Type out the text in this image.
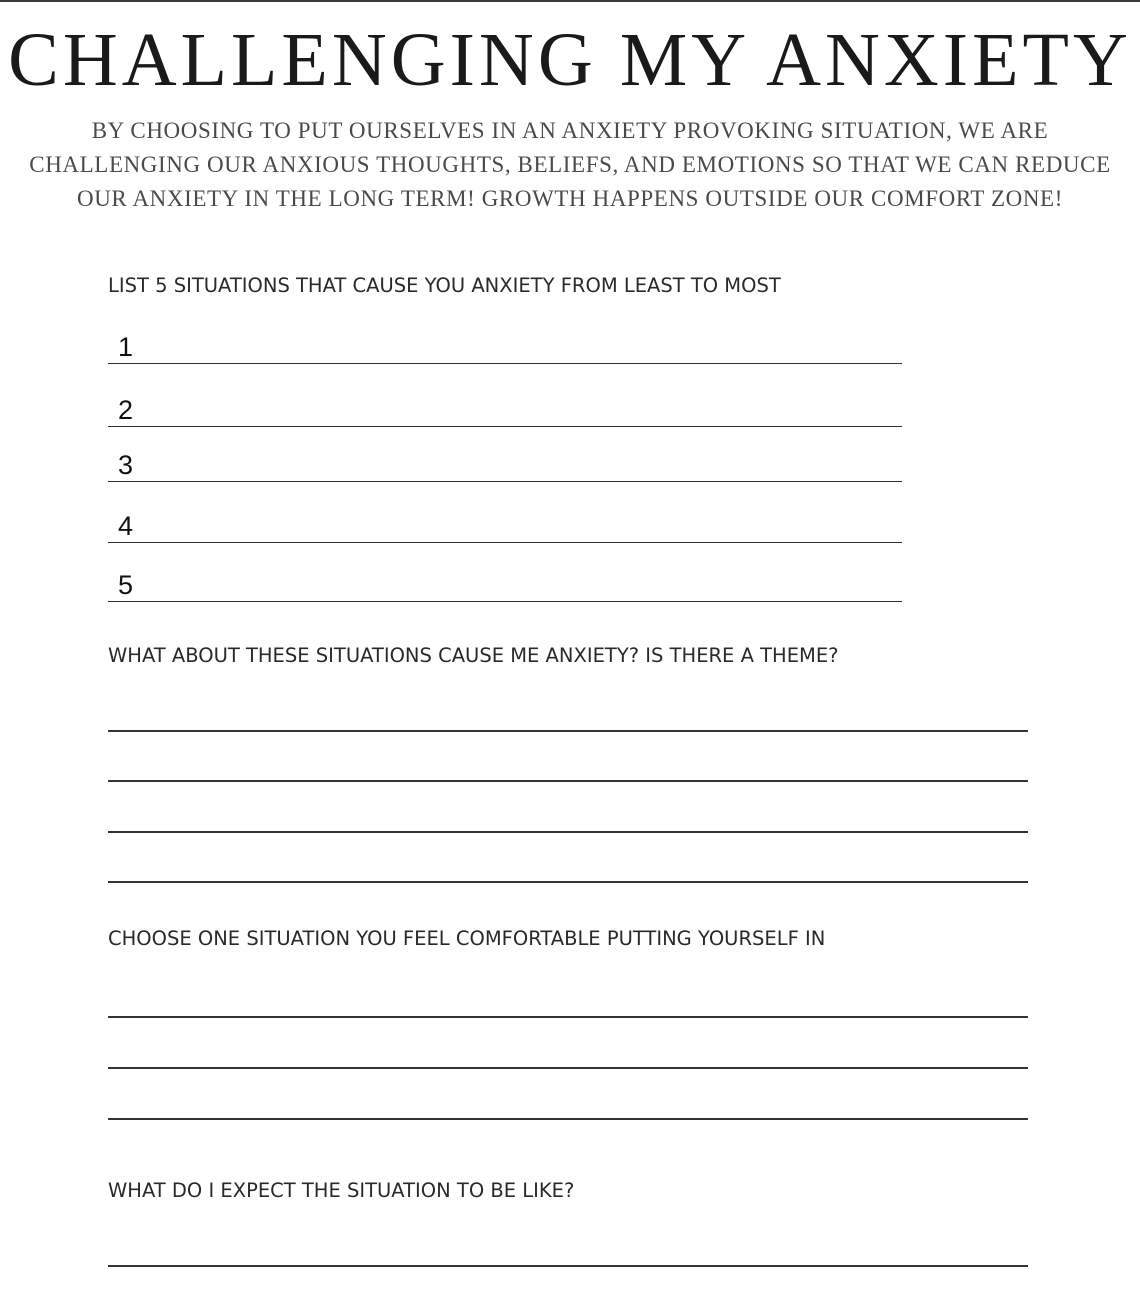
CHALLENGING MY ANXIETY

BY CHOOSING TO PUT OURSELVES IN AN ANXIETY PROVOKING SITUATION, WE ARE
CHALLENGING OUR ANXIOUS THOUGHTS, BELIEFS, AND EMOTIONS SO THAT WE CAN REDUCE
OUR ANXIETY IN THE LONG TERM! GROWTH HAPPENS OUTSIDE OUR COMFORT ZONE!

LIST 5 SITUATIONS THAT CAUSE YOU ANXIETY FROM LEAST TO MOST

1
2
3
4
5

WHAT ABOUT THESE SITUATIONS CAUSE ME ANXIETY? IS THERE A THEME?

CHOOSE ONE SITUATION YOU FEEL COMFORTABLE PUTTING YOURSELF IN

WHAT DO I EXPECT THE SITUATION TO BE LIKE?
